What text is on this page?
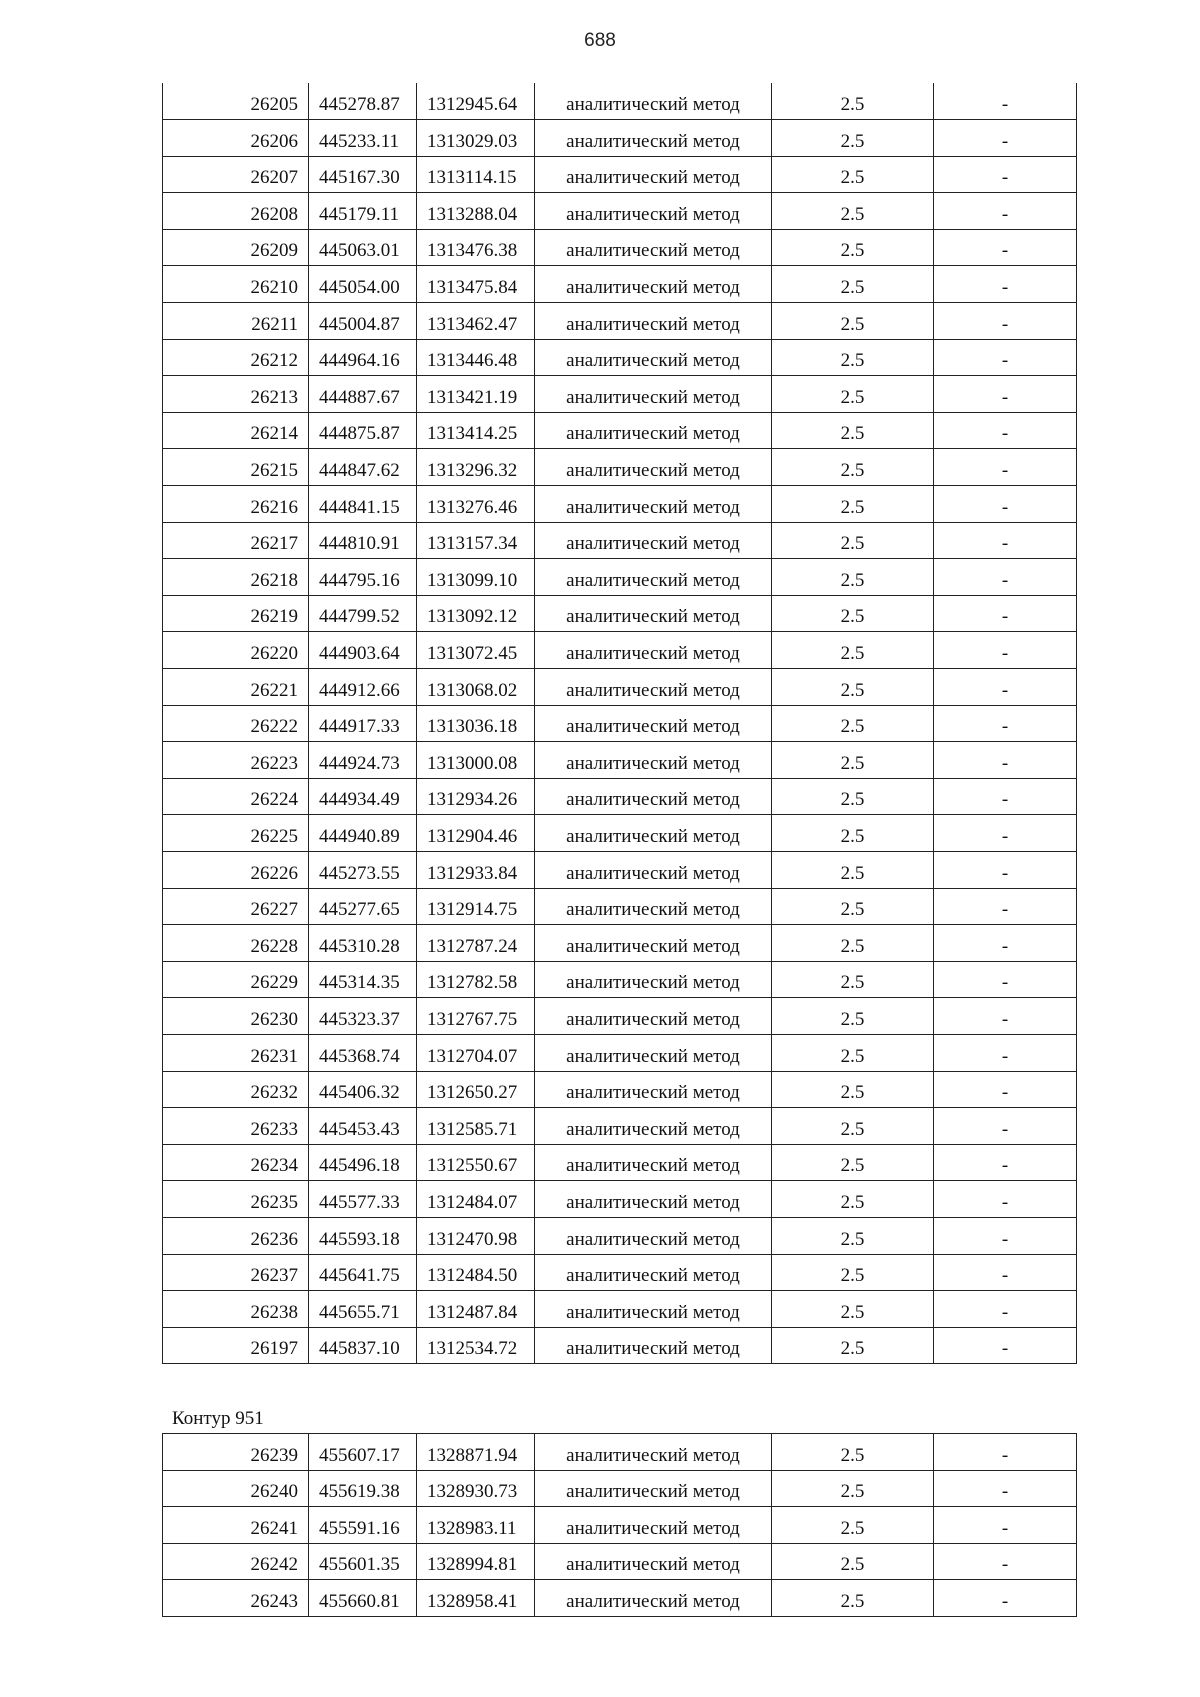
688
26205	445278.87	1312945.64	аналитический метод	2.5	-
26206	445233.11	1313029.03	аналитический метод	2.5	-
26207	445167.30	1313114.15	аналитический метод	2.5	-
26208	445179.11	1313288.04	аналитический метод	2.5	-
26209	445063.01	1313476.38	аналитический метод	2.5	-
26210	445054.00	1313475.84	аналитический метод	2.5	-
26211	445004.87	1313462.47	аналитический метод	2.5	-
26212	444964.16	1313446.48	аналитический метод	2.5	-
26213	444887.67	1313421.19	аналитический метод	2.5	-
26214	444875.87	1313414.25	аналитический метод	2.5	-
26215	444847.62	1313296.32	аналитический метод	2.5	-
26216	444841.15	1313276.46	аналитический метод	2.5	-
26217	444810.91	1313157.34	аналитический метод	2.5	-
26218	444795.16	1313099.10	аналитический метод	2.5	-
26219	444799.52	1313092.12	аналитический метод	2.5	-
26220	444903.64	1313072.45	аналитический метод	2.5	-
26221	444912.66	1313068.02	аналитический метод	2.5	-
26222	444917.33	1313036.18	аналитический метод	2.5	-
26223	444924.73	1313000.08	аналитический метод	2.5	-
26224	444934.49	1312934.26	аналитический метод	2.5	-
26225	444940.89	1312904.46	аналитический метод	2.5	-
26226	445273.55	1312933.84	аналитический метод	2.5	-
26227	445277.65	1312914.75	аналитический метод	2.5	-
26228	445310.28	1312787.24	аналитический метод	2.5	-
26229	445314.35	1312782.58	аналитический метод	2.5	-
26230	445323.37	1312767.75	аналитический метод	2.5	-
26231	445368.74	1312704.07	аналитический метод	2.5	-
26232	445406.32	1312650.27	аналитический метод	2.5	-
26233	445453.43	1312585.71	аналитический метод	2.5	-
26234	445496.18	1312550.67	аналитический метод	2.5	-
26235	445577.33	1312484.07	аналитический метод	2.5	-
26236	445593.18	1312470.98	аналитический метод	2.5	-
26237	445641.75	1312484.50	аналитический метод	2.5	-
26238	445655.71	1312487.84	аналитический метод	2.5	-
26197	445837.10	1312534.72	аналитический метод	2.5	-
Контур 951
26239	455607.17	1328871.94	аналитический метод	2.5	-
26240	455619.38	1328930.73	аналитический метод	2.5	-
26241	455591.16	1328983.11	аналитический метод	2.5	-
26242	455601.35	1328994.81	аналитический метод	2.5	-
26243	455660.81	1328958.41	аналитический метод	2.5	-
